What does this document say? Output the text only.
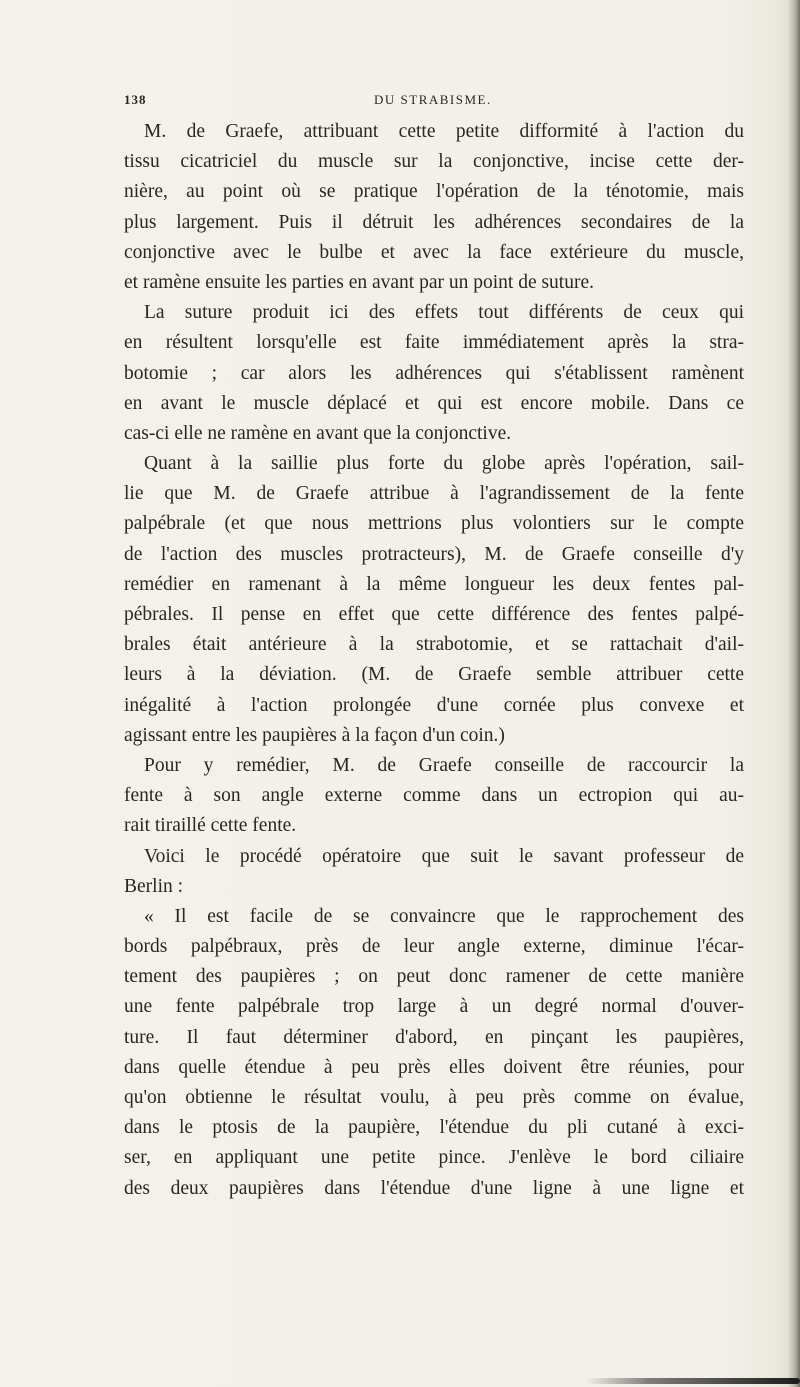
138	DU STRABISME.
M. de Graefe, attribuant cette petite difformité à l'action du
tissu cicatriciel du muscle sur la conjonctive, incise cette der-
nière, au point où se pratique l'opération de la ténotomie, mais
plus largement. Puis il détruit les adhérences secondaires de la
conjonctive avec le bulbe et avec la face extérieure du muscle,
et ramène ensuite les parties en avant par un point de suture.
La suture produit ici des effets tout différents de ceux qui
en résultent lorsqu'elle est faite immédiatement après la stra-
botomie ; car alors les adhérences qui s'établissent ramènent
en avant le muscle déplacé et qui est encore mobile. Dans ce
cas-ci elle ne ramène en avant que la conjonctive.
Quant à la saillie plus forte du globe après l'opération, sail-
lie que M. de Graefe attribue à l'agrandissement de la fente
palpébrale (et que nous mettrions plus volontiers sur le compte
de l'action des muscles protracteurs), M. de Graefe conseille d'y
remédier en ramenant à la même longueur les deux fentes pal-
pébrales. Il pense en effet que cette différence des fentes palpé-
brales était antérieure à la strabotomie, et se rattachait d'ail-
leurs à la déviation. (M. de Graefe semble attribuer cette
inégalité à l'action prolongée d'une cornée plus convexe et
agissant entre les paupières à la façon d'un coin.)
Pour y remédier, M. de Graefe conseille de raccourcir la
fente à son angle externe comme dans un ectropion qui au-
rait tiraillé cette fente.
Voici le procédé opératoire que suit le savant professeur de
Berlin :
« Il est facile de se convaincre que le rapprochement des
bords palpébraux, près de leur angle externe, diminue l'écar-
tement des paupières ; on peut donc ramener de cette manière
une fente palpébrale trop large à un degré normal d'ouver-
ture. Il faut déterminer d'abord, en pinçant les paupières,
dans quelle étendue à peu près elles doivent être réunies, pour
qu'on obtienne le résultat voulu, à peu près comme on évalue,
dans le ptosis de la paupière, l'étendue du pli cutané à exci-
ser, en appliquant une petite pince. J'enlève le bord ciliaire
des deux paupières dans l'étendue d'une ligne à une ligne et
